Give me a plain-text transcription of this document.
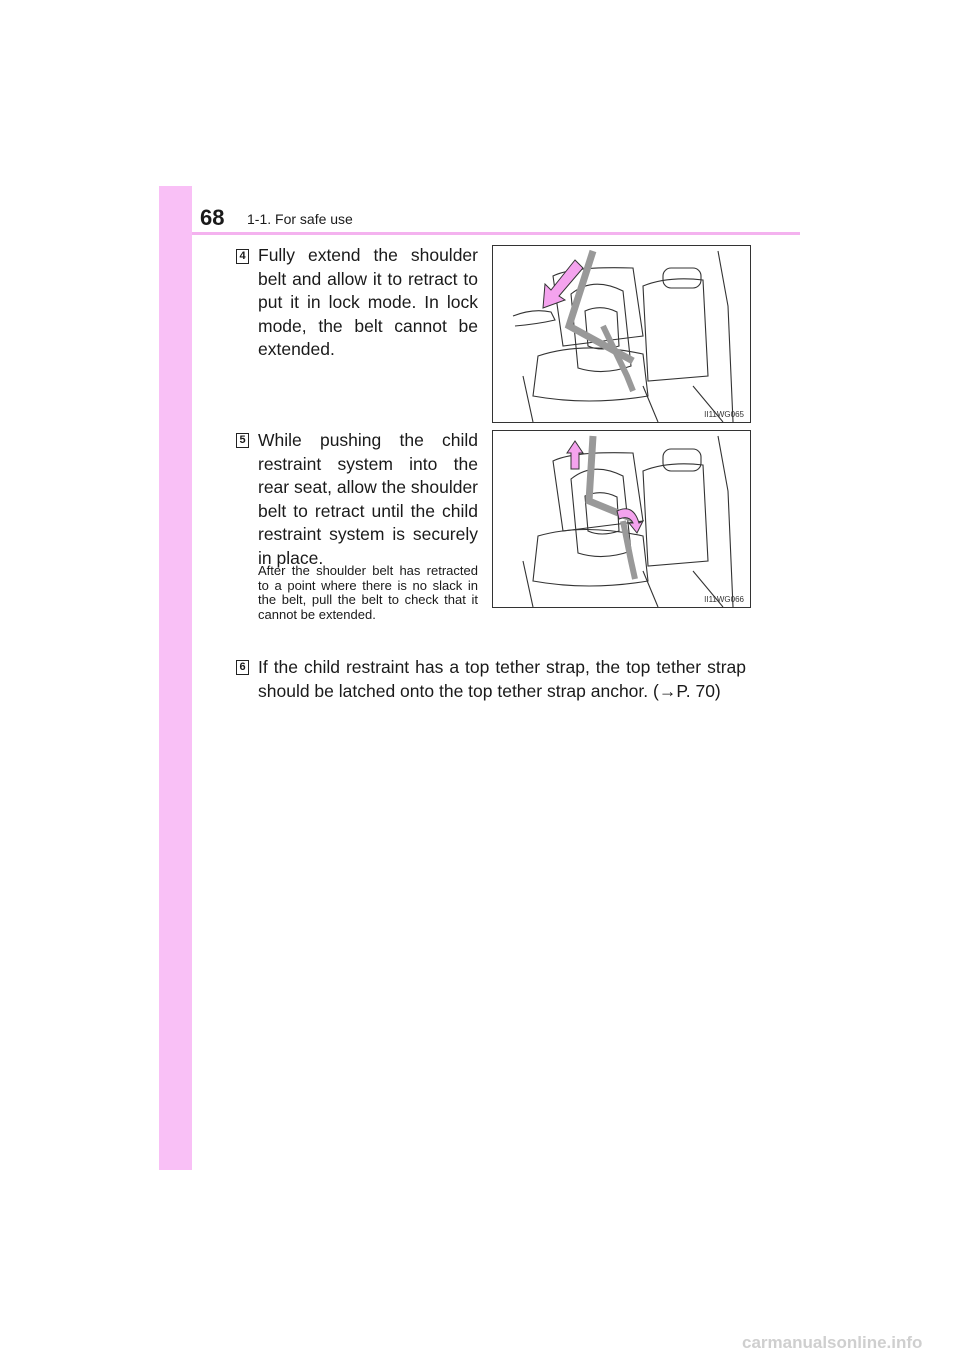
68 1-1. For safe use
4 Fully extend the shoulder belt and allow it to retract to put it in lock mode. In lock mode, the belt cannot be extended.
II11WG065
5 While pushing the child restraint system into the rear seat, allow the shoulder belt to retract until the child restraint system is securely in place.
After the shoulder belt has retracted to a point where there is no slack in the belt, pull the belt to check that it cannot be extended.
II11WG066
6 If the child restraint has a top tether strap, the top tether strap should be latched onto the top tether strap anchor. (→P. 70)
carmanualsonline.info
